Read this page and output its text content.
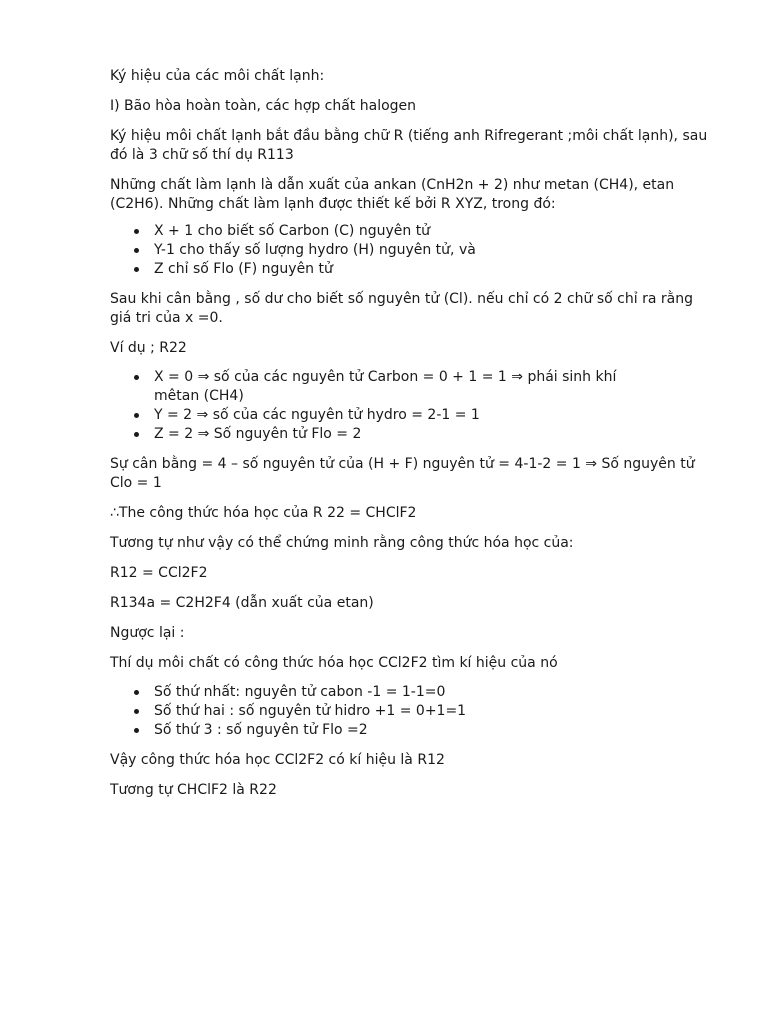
Ký hiệu của các môi chất lạnh:

I) Bão hòa hoàn toàn, các hợp chất halogen

Ký hiệu môi chất lạnh bắt đầu bằng chữ R (tiếng anh Rifregerant ;môi chất lạnh), sau đó là 3 chữ số thí dụ R113

Những chất làm lạnh là dẫn xuất của ankan (CnH2n + 2) như metan (CH4), etan (C2H6). Những chất làm lạnh được thiết kế bởi R XYZ, trong đó:

X + 1 cho biết số Carbon (C) nguyên tử
Y-1 cho thấy số lượng hydro (H) nguyên tử, và
Z chỉ số Flo (F) nguyên tử

Sau khi cân bằng , số dư cho biết số nguyên tử (Cl). nếu chỉ có 2 chữ số chỉ ra rằng giá tri của x =0.

Ví dụ ; R22

X = 0 ⇒ số của các nguyên tử Carbon = 0 + 1 = 1 ⇒ phái sinh khí mêtan (CH4)
Y = 2 ⇒ số của các nguyên tử hydro = 2-1 = 1
Z = 2 ⇒ Số nguyên tử Flo = 2

Sự cân bằng = 4 – số nguyên tử của (H + F) nguyên tử = 4-1-2 = 1 ⇒ Số nguyên tử Clo = 1

∴The công thức hóa học của R 22 = CHClF2

Tương tự như vậy có thể chứng minh rằng công thức hóa học của:

R12 = CCl2F2

R134a = C2H2F4 (dẫn xuất của etan)

Ngược lại :

Thí dụ môi chất có công thức hóa học CCl2F2 tìm kí hiệu của nó

Số thứ nhất: nguyên tử cabon -1 = 1-1=0
Số thứ hai : số nguyên tử hidro +1 = 0+1=1
Số thứ 3 : số nguyên tử Flo =2

Vậy công thức hóa học CCl2F2 có kí hiệu là R12

Tương tự CHClF2 là R22
